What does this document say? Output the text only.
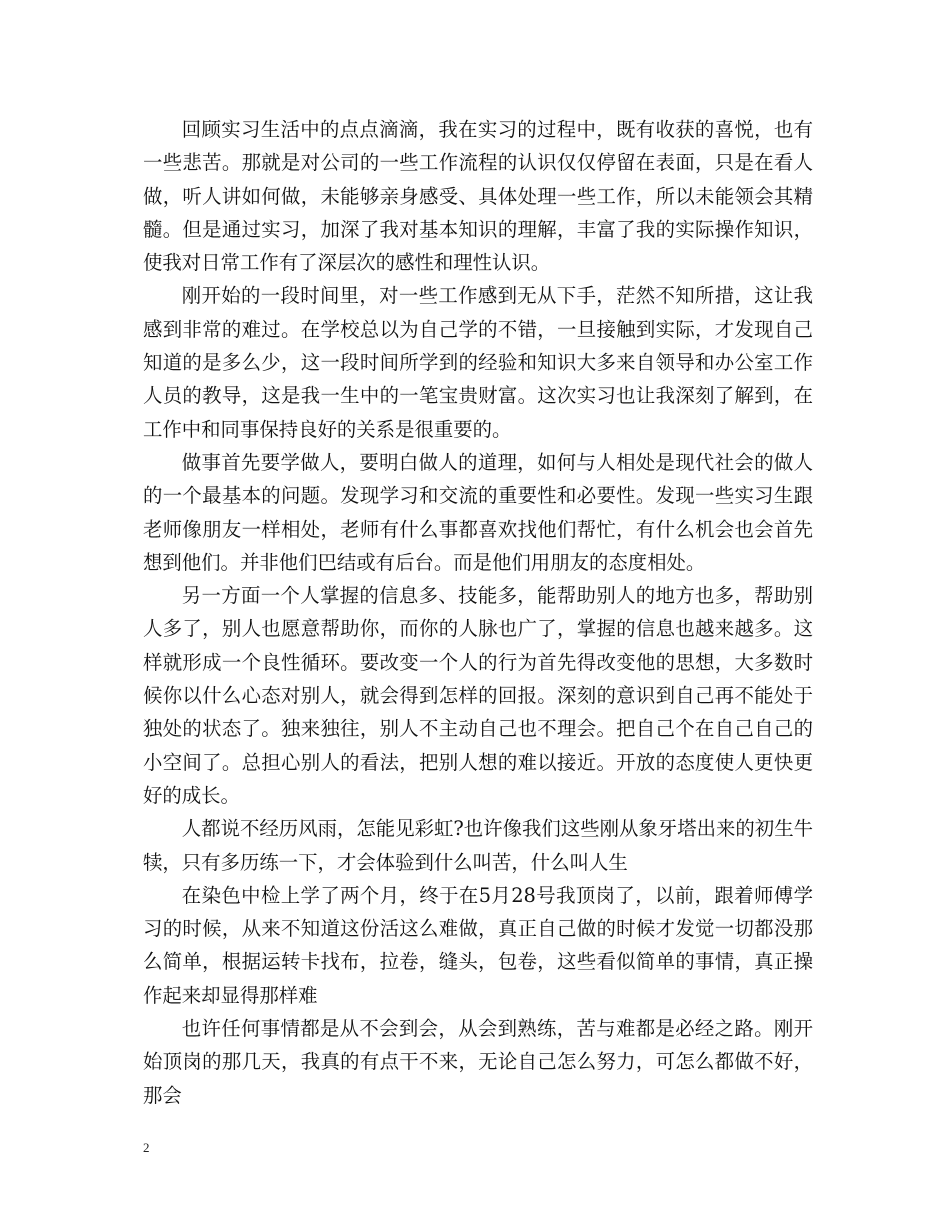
回顾实习生活中的点点滴滴，我在实习的过程中，既有收获的喜悦，也有一些悲苦。那就是对公司的一些工作流程的认识仅仅停留在表面，只是在看人做，听人讲如何做，未能够亲身感受、具体处理一些工作，所以未能领会其精髓。但是通过实习，加深了我对基本知识的理解，丰富了我的实际操作知识，使我对日常工作有了深层次的感性和理性认识。

刚开始的一段时间里，对一些工作感到无从下手，茫然不知所措，这让我感到非常的难过。在学校总以为自己学的不错，一旦接触到实际，才发现自己知道的是多么少，这一段时间所学到的经验和知识大多来自领导和办公室工作人员的教导，这是我一生中的一笔宝贵财富。这次实习也让我深刻了解到，在工作中和同事保持良好的关系是很重要的。

做事首先要学做人，要明白做人的道理，如何与人相处是现代社会的做人的一个最基本的问题。发现学习和交流的重要性和必要性。发现一些实习生跟老师像朋友一样相处，老师有什么事都喜欢找他们帮忙，有什么机会也会首先想到他们。并非他们巴结或有后台。而是他们用朋友的态度相处。

另一方面一个人掌握的信息多、技能多，能帮助别人的地方也多，帮助别人多了，别人也愿意帮助你，而你的人脉也广了，掌握的信息也越来越多。这样就形成一个良性循环。要改变一个人的行为首先得改变他的思想，大多数时候你以什么心态对别人，就会得到怎样的回报。深刻的意识到自己再不能处于独处的状态了。独来独往，别人不主动自己也不理会。把自己个在自己自己的小空间了。总担心别人的看法，把别人想的难以接近。开放的态度使人更快更好的成长。

人都说不经历风雨，怎能见彩虹?也许像我们这些刚从象牙塔出来的初生牛犊，只有多历练一下，才会体验到什么叫苦，什么叫人生

在染色中检上学了两个月，终于在5月28号我顶岗了，以前，跟着师傅学习的时候，从来不知道这份活这么难做，真正自己做的时候才发觉一切都没那么简单，根据运转卡找布，拉卷，缝头，包卷，这些看似简单的事情，真正操作起来却显得那样难

也许任何事情都是从不会到会，从会到熟练，苦与难都是必经之路。刚开始顶岗的那几天，我真的有点干不来，无论自己怎么努力，可怎么都做不好，那会

2
